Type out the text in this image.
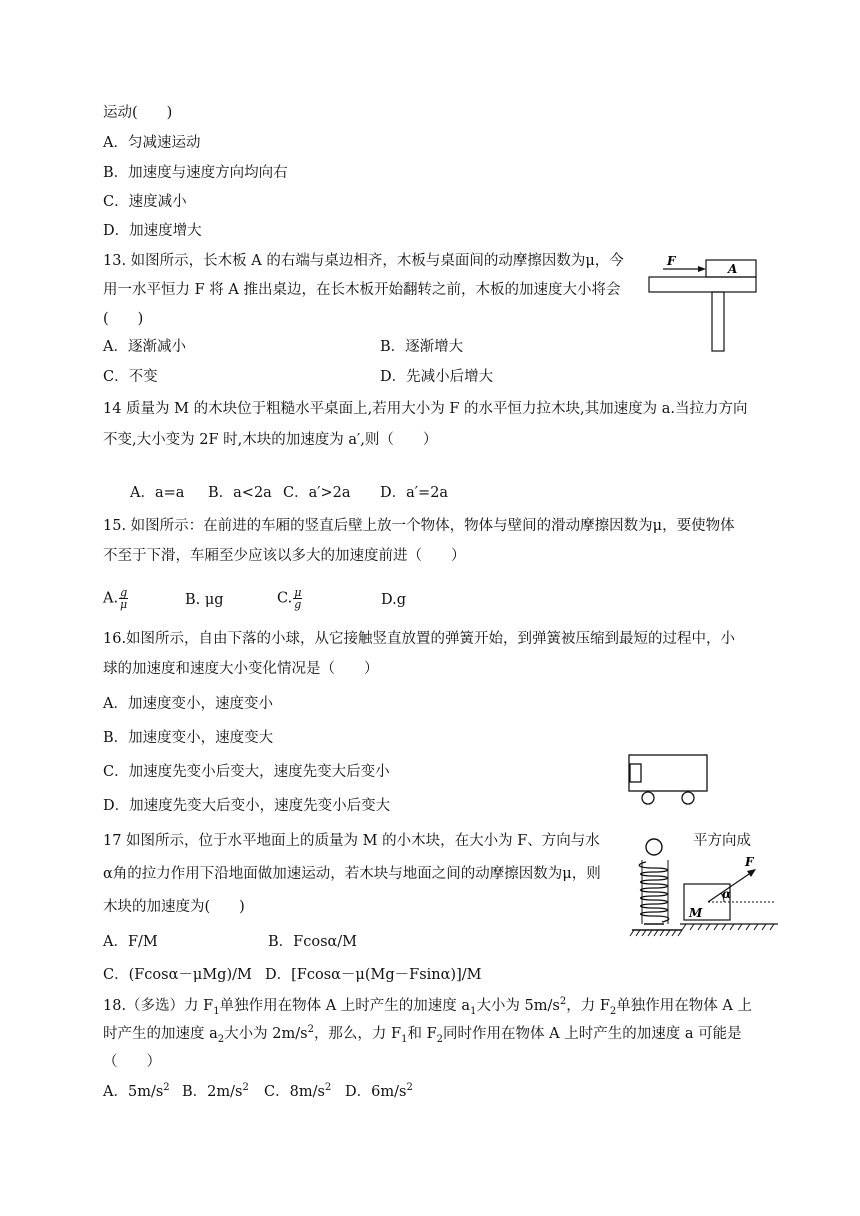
运动(　　)
A．匀减速运动
B．加速度与速度方向均向右
C．速度减小
D．加速度增大
13. 如图所示，长木板 A 的右端与桌边相齐，木板与桌面间的动摩擦因数为μ，今
用一水平恒力 F 将 A 推出桌边，在长木板开始翻转之前，木板的加速度大小将会
(　　)
A．逐渐减小	B．逐渐增大
C．不变	D．先减小后增大
F
A
14 质量为 M 的木块位于粗糙水平桌面上,若用大小为 F 的水平恒力拉木块,其加速度为 a.当拉力方向
不变,大小变为 2F 时,木块的加速度为 a′,则（　　）
A．a=a B．a<2a C．a′>2a D．a′=2a
15. 如图所示：在前进的车厢的竖直后壁上放一个物体，物体与壁间的滑动摩擦因数为μ，要使物体
不至于下滑，车厢至少应该以多大的加速度前进（　　）
A. $\frac{g}{\mu}$	B. μg	C. $\frac{\mu}{g}$	D.g
16.如图所示，自由下落的小球，从它接触竖直放置的弹簧开始，到弹簧被压缩到最短的过程中，小
球的加速度和速度大小变化情况是（　　）
A．加速度变小，速度变小
B．加速度变小，速度变大
C．加速度先变小后变大，速度先变大后变小
D．加速度先变大后变小，速度先变小后变大
17 如图所示，位于水平地面上的质量为 M 的小木块，在大小为 F、方向与水	平方向成
α角的拉力作用下沿地面做加速运动，若木块与地面之间的动摩擦因数为μ，则
木块的加速度为(　　)
A．F/M	B．Fcosα/M
C．(Fcosα－μMg)/M D．[Fcosα－μ(Mg－Fsinα)]/M
F
α
M
18.（多选）力 $F_1$单独作用在物体 A 上时产生的加速度 $a_1$大小为 $5m/s^2$，力 $F_2$单独作用在物体 A 上
时产生的加速度 $a_2$大小为 $2m/s^2$，那么，力 $F_1$和 $F_2$同时作用在物体 A 上时产生的加速度 a 可能是
（　　）
A．$5m/s^2$ B．$2m/s^2$ C．$8m/s^2$ D．$6m/s^2$
